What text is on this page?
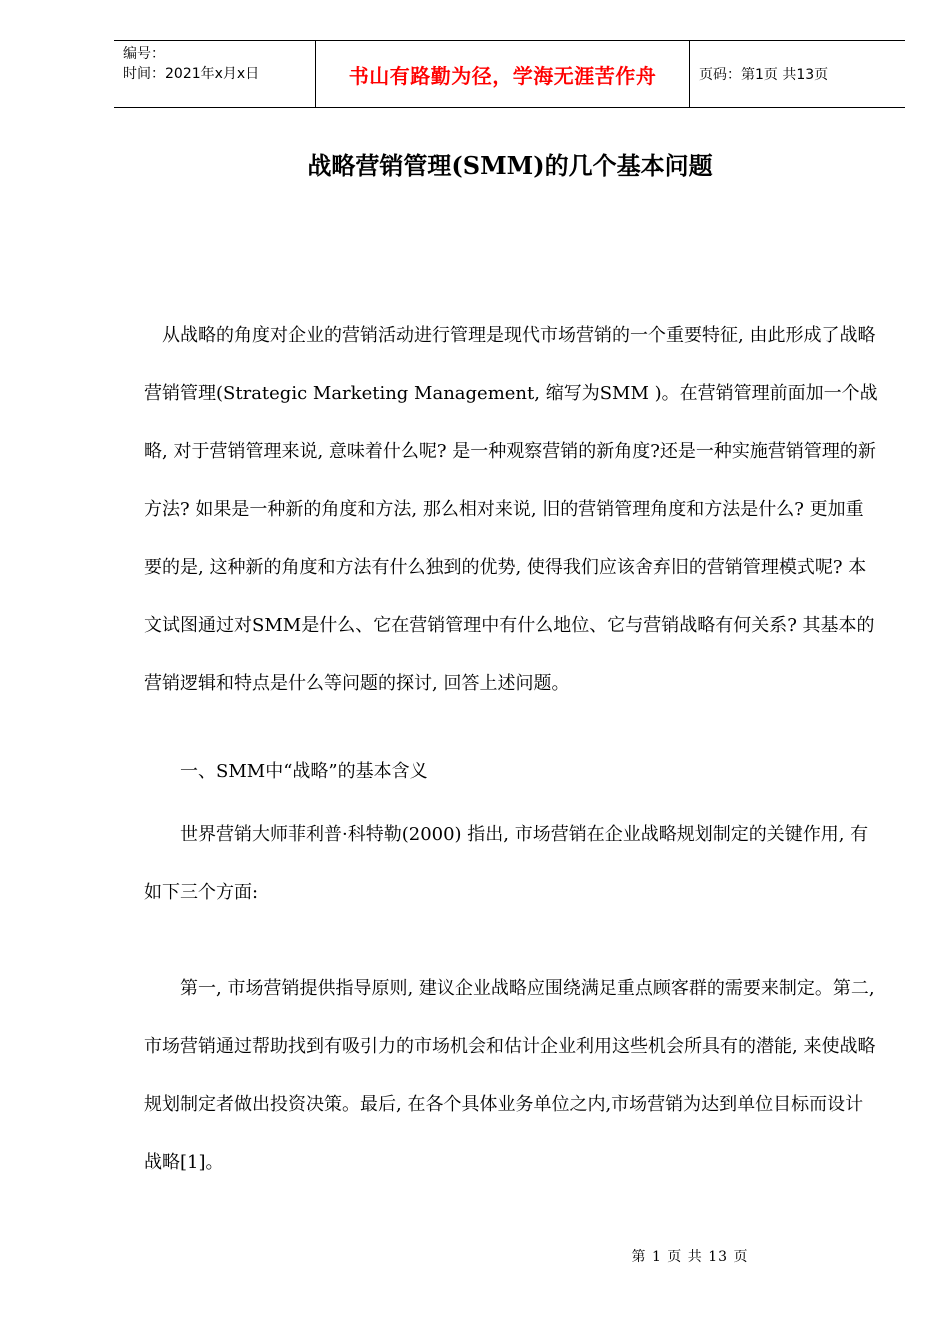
编号：
时间：2021年x月x日	书山有路勤为径，学海无涯苦作舟	页码：第1页 共13页
战略营销管理(SMM)的几个基本问题
从战略的角度对企业的营销活动进行管理是现代市场营销的一个重要特征, 由此形成了战略营销管理(Strategic Marketing Management, 缩写为SMM )。在营销管理前面加一个战略, 对于营销管理来说, 意味着什么呢? 是一种观察营销的新角度?还是一种实施营销管理的新方法? 如果是一种新的角度和方法, 那么相对来说, 旧的营销管理角度和方法是什么? 更加重要的是, 这种新的角度和方法有什么独到的优势, 使得我们应该舍弃旧的营销管理模式呢? 本文试图通过对SMM是什么、它在营销管理中有什么地位、它与营销战略有何关系? 其基本的营销逻辑和特点是什么等问题的探讨, 回答上述问题。
一、SMM中“战略”的基本含义
世界营销大师菲利普·科特勒(2000) 指出, 市场营销在企业战略规划制定的关键作用, 有如下三个方面:
第一, 市场营销提供指导原则, 建议企业战略应围绕满足重点顾客群的需要来制定。第二, 市场营销通过帮助找到有吸引力的市场机会和估计企业利用这些机会所具有的潜能, 来使战略规划制定者做出投资决策。最后, 在各个具体业务单位之内,市场营销为达到单位目标而设计战略[1]。
第 1 页 共 13 页
